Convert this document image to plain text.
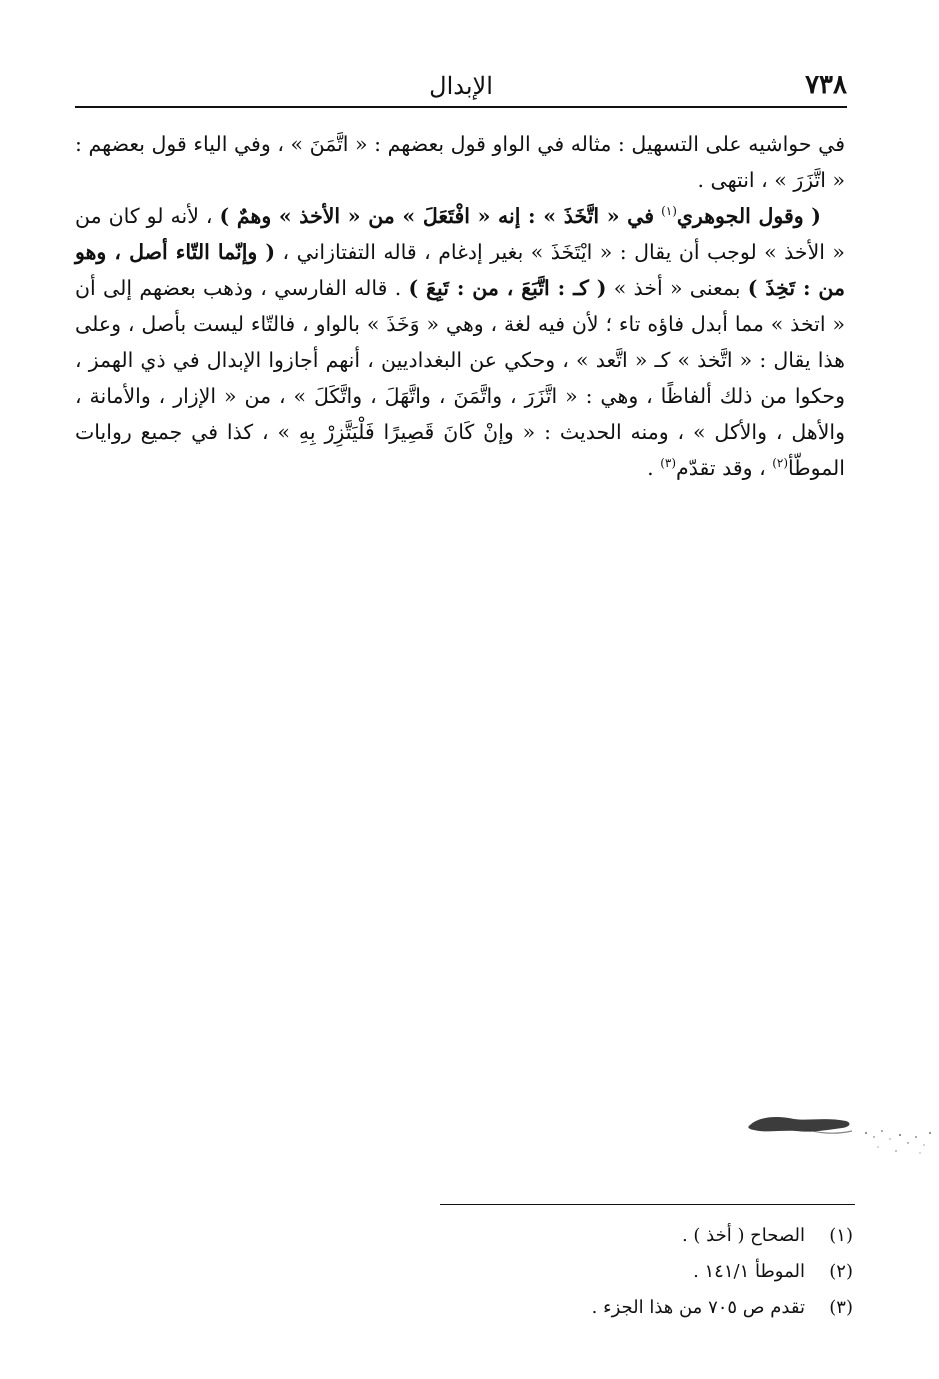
٧٣٨
الإبدال

في حواشيه على التسهيل : مثاله في الواو قول بعضهم : « اتَّمَنَ » ، وفي الياء قول بعضهم : « اتَّزَرَ » ، انتهى .

( وقول الجوهري$^{(١)}$ في « اتَّخَذَ » : إنه « افْتَعَلَ » من « الأخذ » وهمٌ ) ، لأنه لو كان من « الأخذ » لوجب أن يقال : « ايْتَخَذَ » بغير إدغام ، قاله التفتازاني ، ( وإنّما التّاء أصل ، وهو من : تَخِذَ ) بمعنى « أخذ » ( كـ : اتَّبَعَ ، من : تَبِعَ ) . قاله الفارسي ، وذهب بعضهم إلى أن « اتخذ » مما أبدل فاؤه تاء ؛ لأن فيه لغة ، وهي « وَخَذَ » بالواو ، فالتّاء ليست بأصل ، وعلى هذا يقال : « اتَّخذ » كـ « اتَّعد » ، وحكي عن البغداديين ، أنهم أجازوا الإبدال في ذي الهمز ، وحكوا من ذلك ألفاظًا ، وهي : « اتَّزَرَ ، واتَّمَنَ ، واتَّهَلَ ، واتَّكَلَ » ، من « الإزار ، والأمانة ، والأهل ، والأكل » ، ومنه الحديث : « وإنْ كَانَ قَصِيرًا فَلْيَتَّزِرْ بِهِ » ، كذا في جميع روايات الموطّأ$^{(٢)}$ ، وقد تقدّم$^{(٣)}$ .

(١)
الصحاح ( أخذ ) .
(٢)
الموطأ ١٤١/١ .
(٣)
تقدم ص ٧٠٥ من هذا الجزء .
